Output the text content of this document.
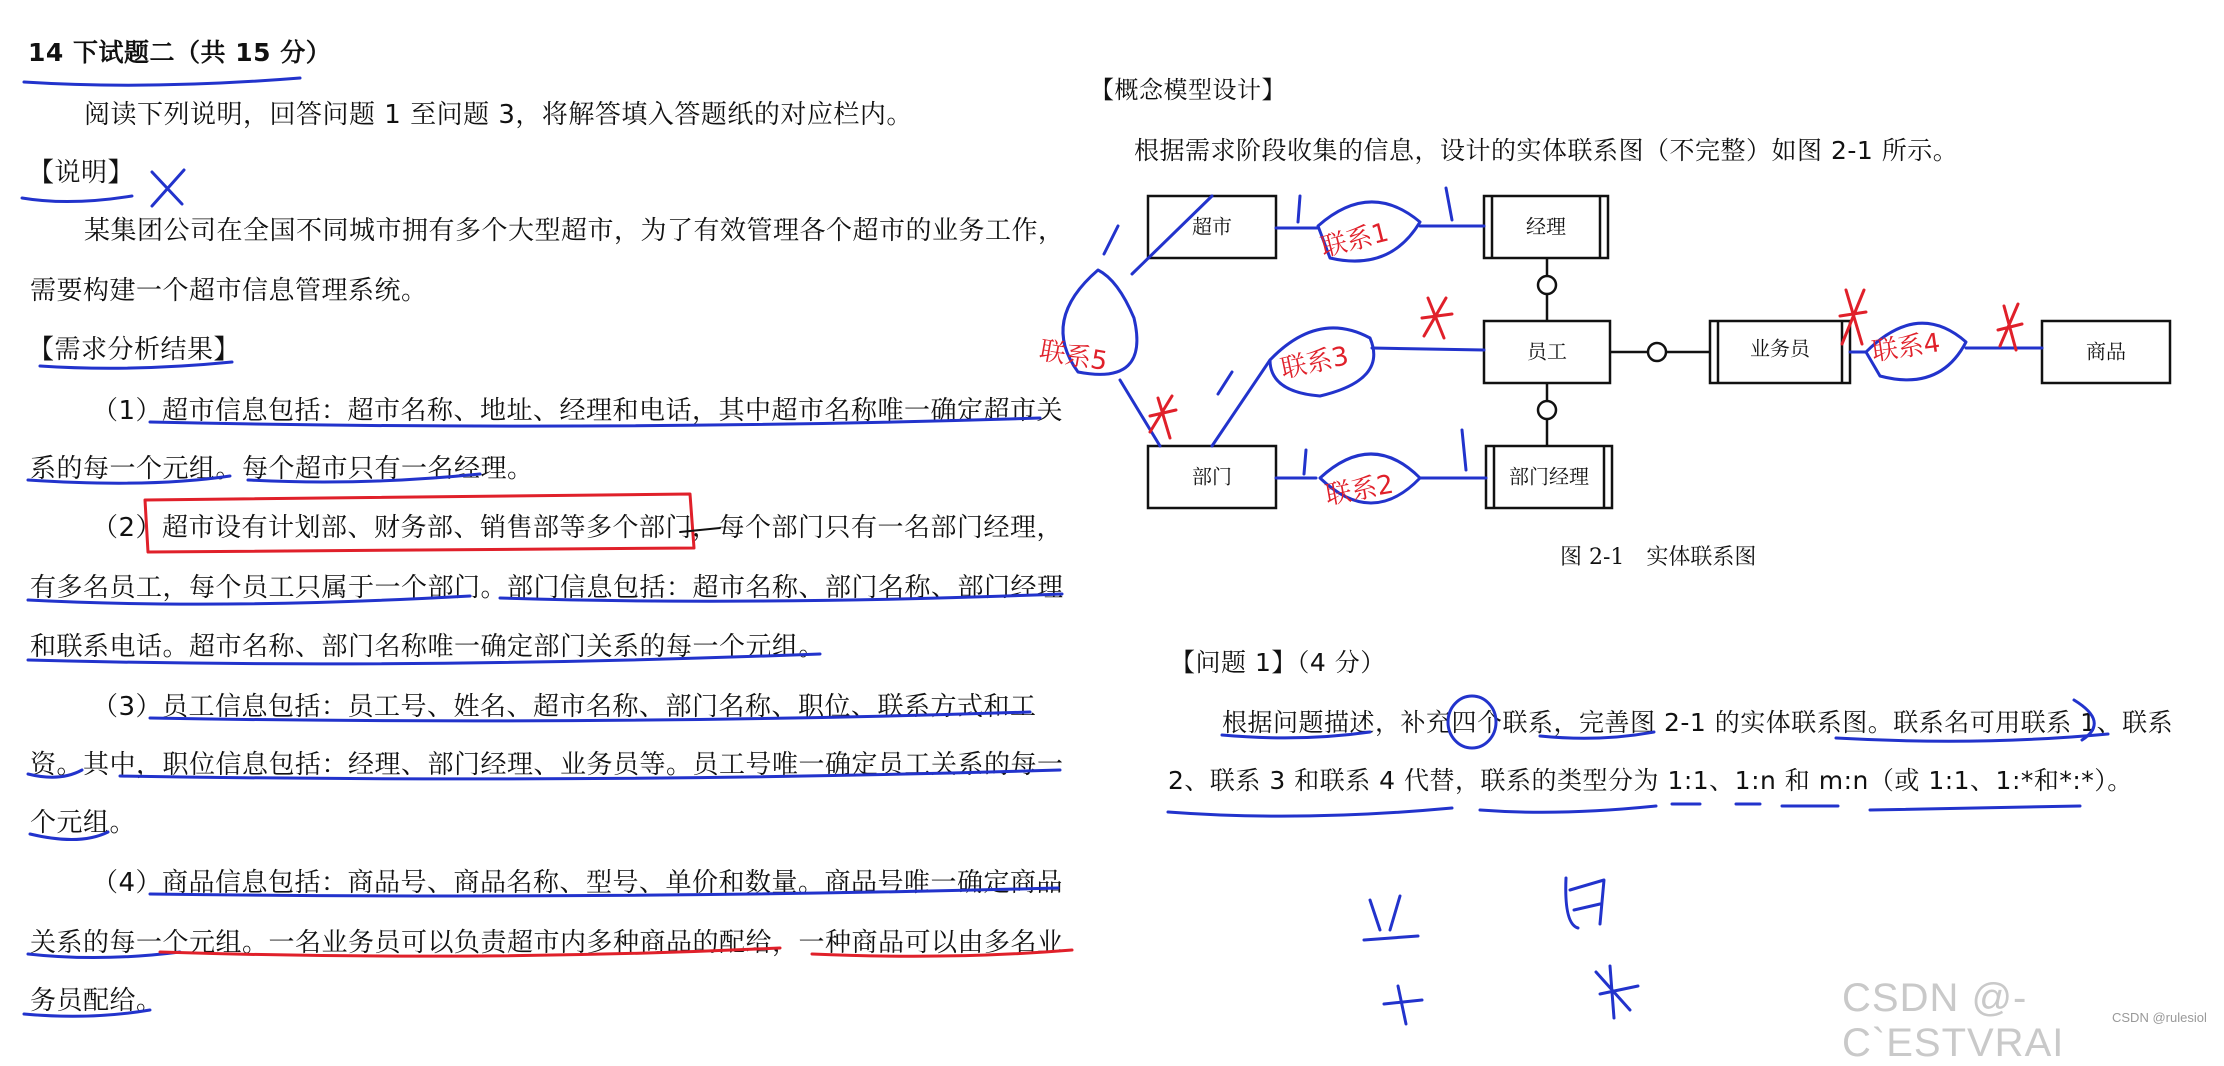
14 下试题二（共 15 分）
阅读下列说明，回答问题 1 至问题 3，将解答填入答题纸的对应栏内。
【说明】
某集团公司在全国不同城市拥有多个大型超市，为了有效管理各个超市的业务工作，
需要构建一个超市信息管理系统。
【需求分析结果】
（1）超市信息包括：超市名称、地址、经理和电话，其中超市名称唯一确定超市关
系的每一个元组。每个超市只有一名经理。
（2）超市设有计划部、财务部、销售部等多个部门，每个部门只有一名部门经理，
有多名员工，每个员工只属于一个部门。部门信息包括：超市名称、部门名称、部门经理
和联系电话。超市名称、部门名称唯一确定部门关系的每一个元组。
（3）员工信息包括：员工号、姓名、超市名称、部门名称、职位、联系方式和工
资。其中，职位信息包括：经理、部门经理、业务员等。员工号唯一确定员工关系的每一
个元组。
（4）商品信息包括：商品号、商品名称、型号、单价和数量。商品号唯一确定商品
关系的每一个元组。一名业务员可以负责超市内多种商品的配给，一种商品可以由多名业
务员配给。
【概念模型设计】
根据需求阶段收集的信息，设计的实体联系图（不完整）如图 2-1 所示。
超市	经理
员工	业务员	商品
部门	部门经理
图 2-1　实体联系图
【问题 1】（4 分）
根据问题描述，补充四个联系，完善图 2-1 的实体联系图。联系名可用联系 1、联系
2、联系 3 和联系 4 代替，联系的类型分为 1:1、1:n 和 m:n（或 1:1、1:*和*:*）。
联系1
联系2
联系3	联系4
联系5
CSDN @-C`ESTVRAI
CSDN @rulesiol
